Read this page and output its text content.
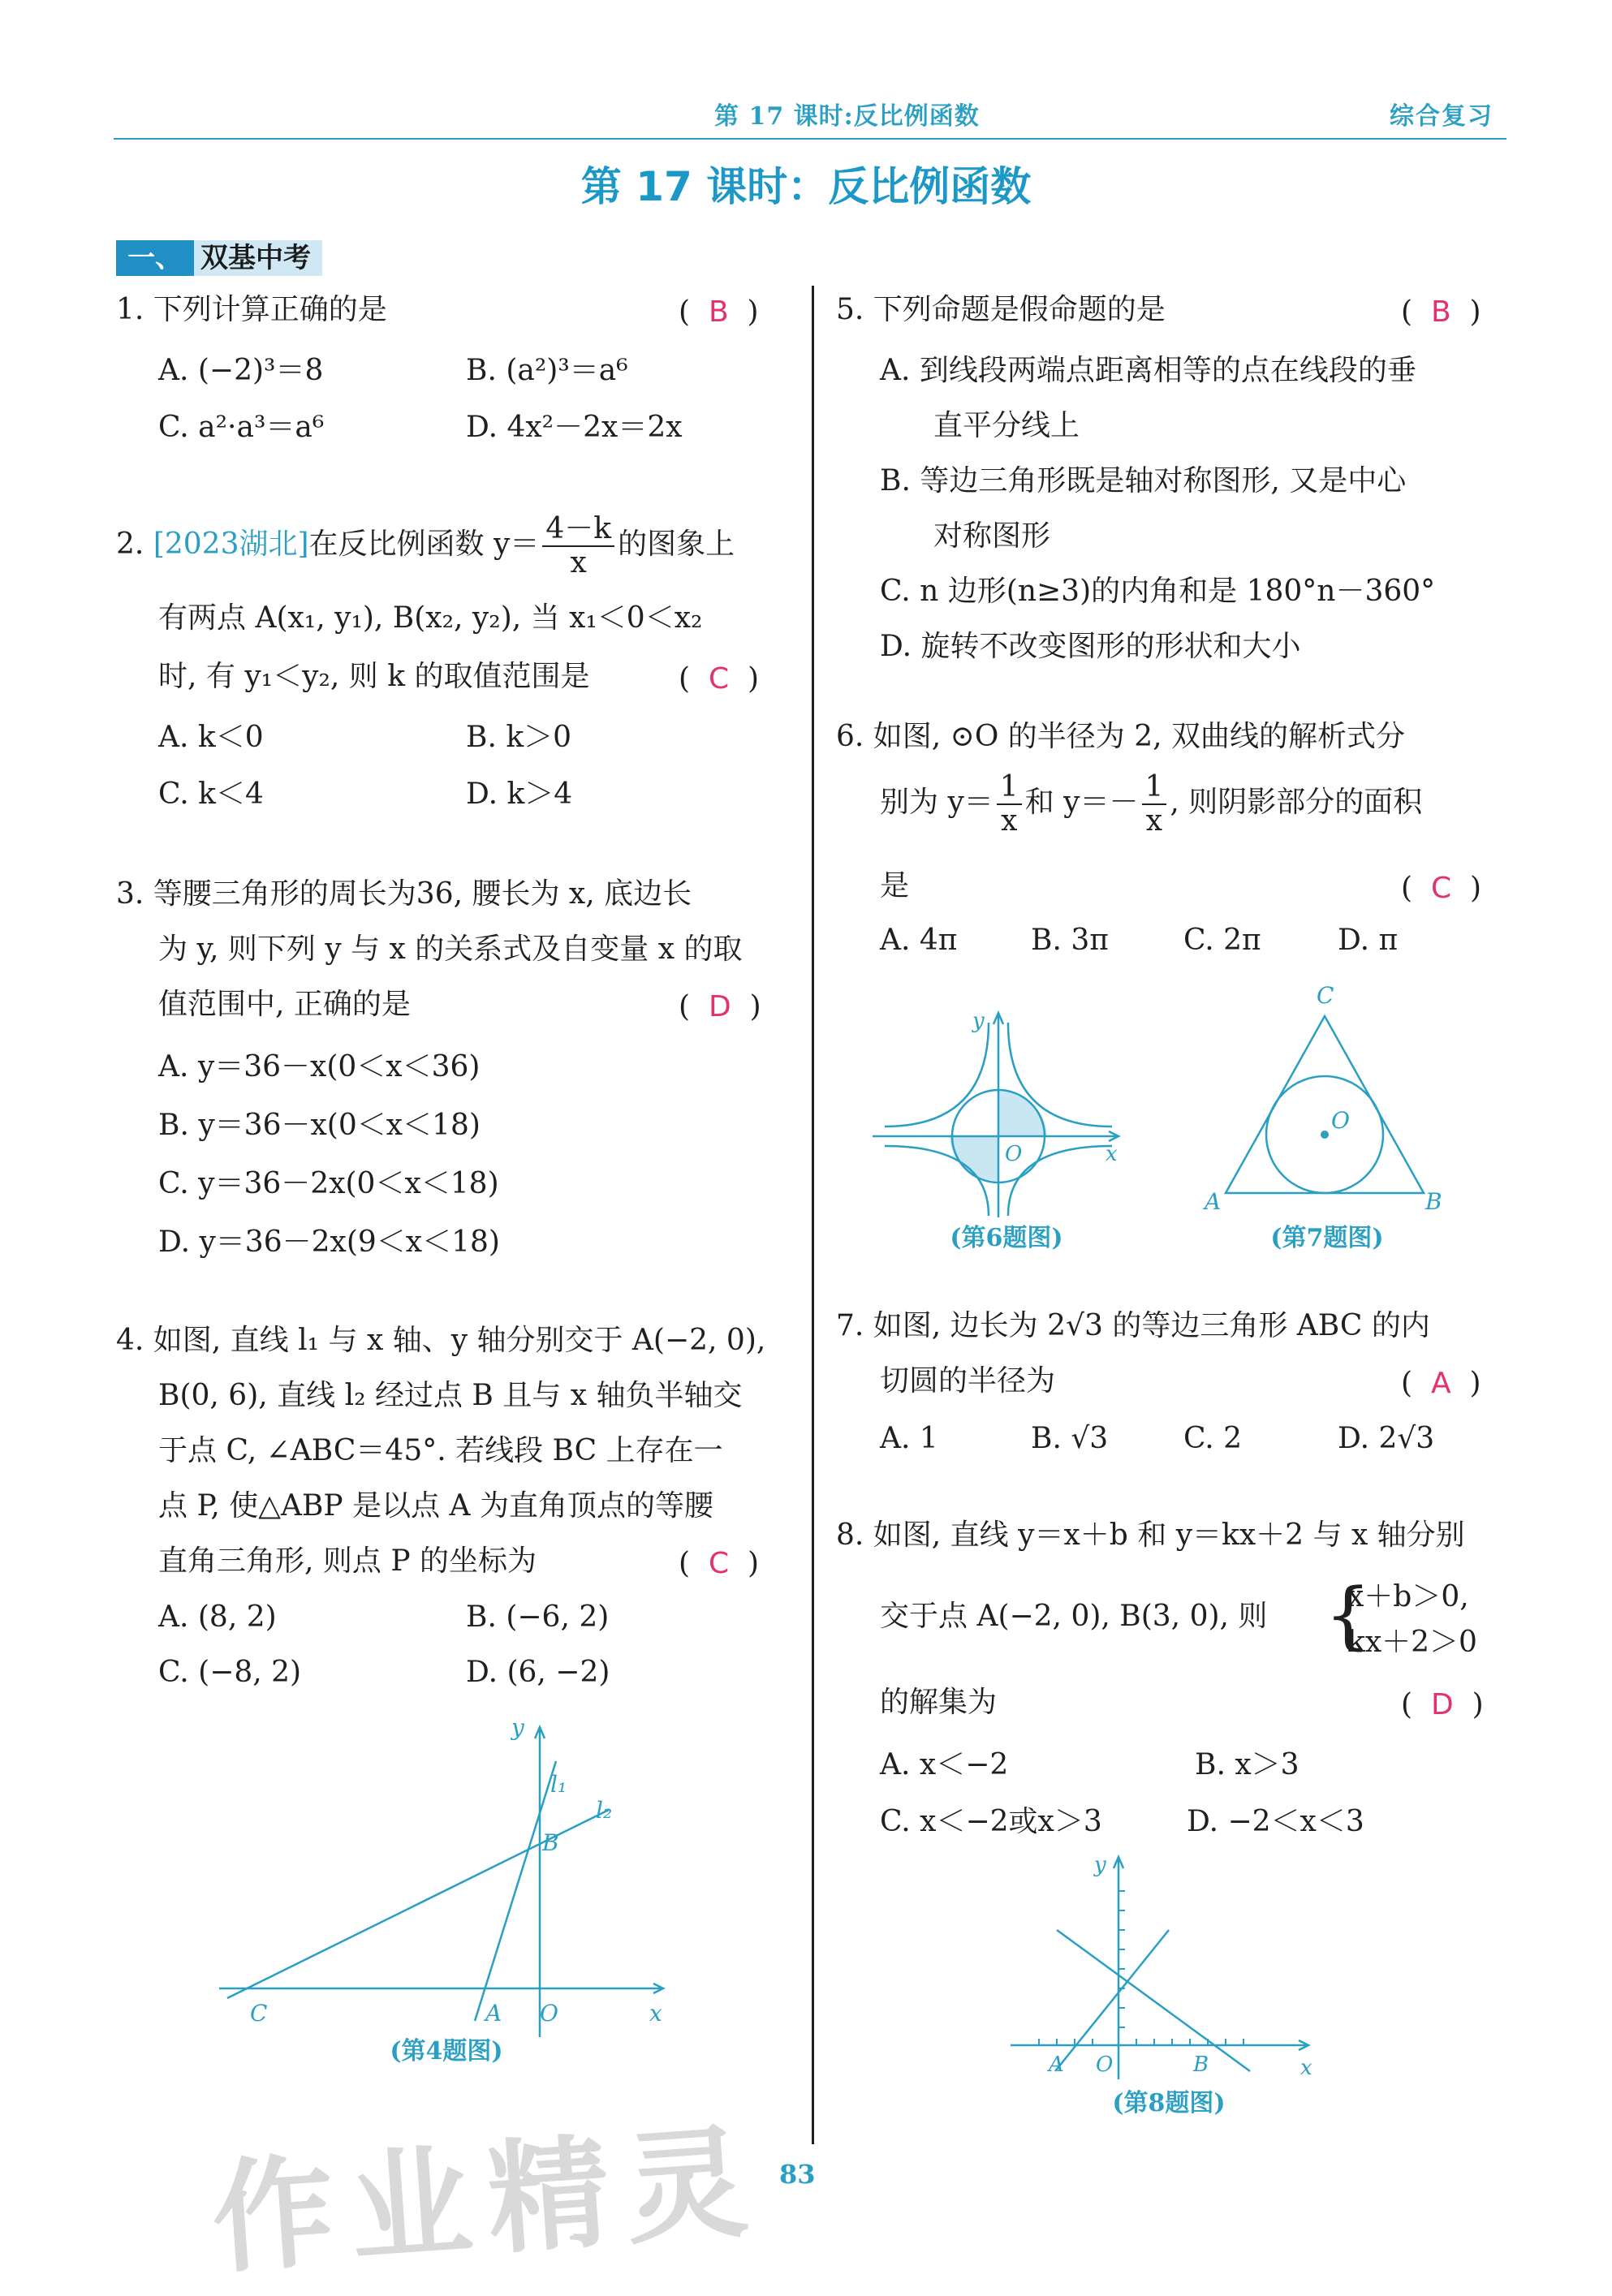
第 17 课时:反比例函数	综合复习
第 17 课时：反比例函数
一、 双基中考
1. 下列计算正确的是	( B )
A. (−2)³＝8	B. (a²)³＝a⁶
C. a²·a³＝a⁶	D. 4x²－2x＝2x
2. [2023湖北]在反比例函数 $y= \frac{4-k}{x}$ 的图象上
有两点 A(x₁, y₁), B(x₂, y₂), 当 x₁＜0＜x₂
时, 有 y₁＜y₂, 则 k 的取值范围是	( C )
A. k＜0	B. k＞0
C. k＜4	D. k＞4
3. 等腰三角形的周长为36, 腰长为 x, 底边长
为 y, 则下列 y 与 x 的关系式及自变量 x 的取
值范围中, 正确的是	( D )
A. y＝36－x(0＜x＜36)
B. y＝36－x(0＜x＜18)
C. y＝36－2x(0＜x＜18)
D. y＝36－2x(9＜x＜18)
4. 如图, 直线 l₁ 与 x 轴、y 轴分别交于 A(−2, 0),
B(0, 6), 直线 l₂ 经过点 B 且与 x 轴负半轴交
于点 C, ∠ABC＝45°. 若线段 BC 上存在一
点 P, 使△ABP 是以点 A 为直角顶点的等腰
直角三角形, 则点 P 的坐标为	( C )
A. (8, 2)	B. (−6, 2)
C. (−8, 2)	D. (6, −2)
y
x
l₁
l₂
B
C	A O
(第4题图)
5. 下列命题是假命题的是	( B )
A. 到线段两端点距离相等的点在线段的垂
直平分线上
B. 等边三角形既是轴对称图形, 又是中心
对称图形
C. n 边形(n≥3)的内角和是 180°n－360°
D. 旋转不改变图形的形状和大小
6. 如图, ⊙O 的半径为 2, 双曲线的解析式分
别为 $y= \frac{1}{x}$ 和 $y=- \frac{1}{x}$ , 则阴影部分的面积
是	( C )
A. 4π	B. 3π	C. 2π	D. π
y
x
O
(第6题图)
C
A	B
O
(第7题图)
7. 如图, 边长为 2√3 的等边三角形 ABC 的内
切圆的半径为	( A )
A. 1	B. √3	C. 2	D. 2√3
8. 如图, 直线 y＝x＋b 和 y＝kx＋2 与 x 轴分别
交于点 A(−2, 0), B(3, 0), 则 {
x＋b＞0,
kx＋2＞0
的解集为	( D )
A. x＜−2	B. x＞3
C. x＜−2或x＞3	D. −2＜x＜3
y
x
A O	B
(第8题图)
作业精灵 83
